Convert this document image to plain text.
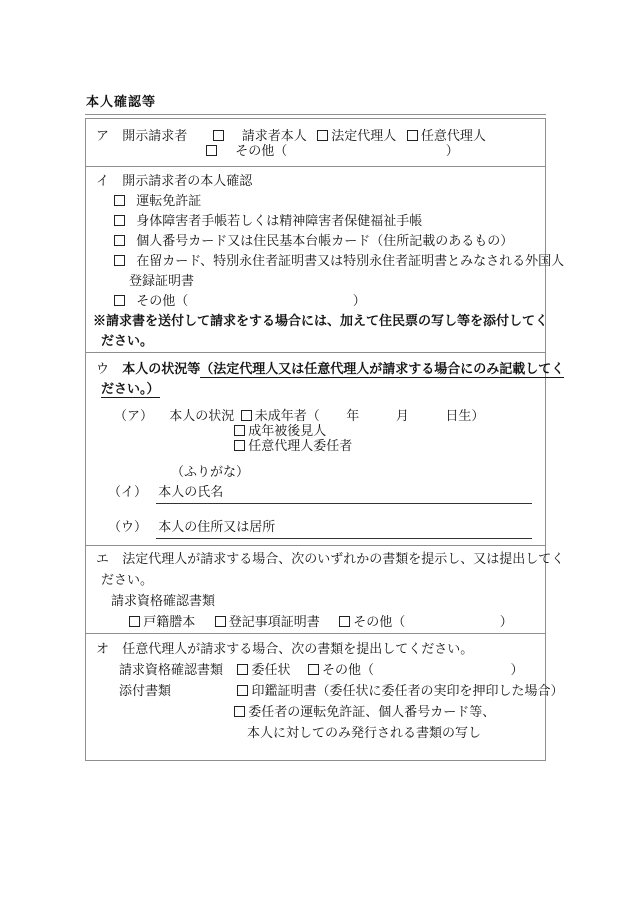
本人確認等
ア 開示請求者	請求者本人 法定代理人 任意代理人
その他（	）
イ 開示請求者の本人確認
運転免許証
身体障害者手帳若しくは精神障害者保健福祉手帳
個人番号カード又は住民基本台帳カード（住所記載のあるもの）
在留カード、特別永住者証明書又は特別永住者証明書とみなされる外国人
登録証明書
その他（	）
※請求書を送付して請求をする場合には、加えて住民票の写し等を添付してく
ださい。
ウ 本人の状況等（法定代理人又は任意代理人が請求する場合にのみ記載してく
ださい。）
（ア） 本人の状況 未成年者（ 年	月	日生）
成年被後見人
任意代理人委任者
（ふりがな）
（イ） 本人の氏名
（ウ） 本人の住所又は居所
エ 法定代理人が請求する場合、次のいずれかの書類を提示し、又は提出してく
ださい。
請求資格確認書類
戸籍謄本	登記事項証明書	その他（	）
オ 任意代理人が請求する場合、次の書類を提出してください。
請求資格確認書類 委任状 その他（	）
添付書類	印鑑証明書（委任状に委任者の実印を押印した場合）
委任者の運転免許証、個人番号カード等、
本人に対してのみ発行される書類の写し
